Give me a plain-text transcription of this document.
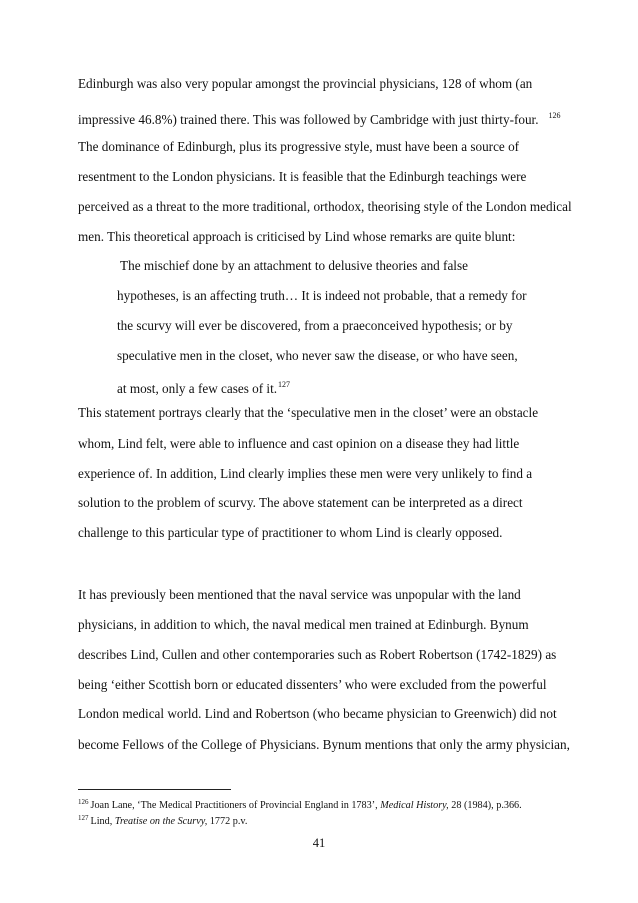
Edinburgh was also very popular amongst the provincial physicians, 128 of whom (an
impressive 46.8%) trained there. This was followed by Cambridge with just thirty-four. $^{126}$
The dominance of Edinburgh, plus its progressive style, must have been a source of
resentment to the London physicians. It is feasible that the Edinburgh teachings were
perceived as a threat to the more traditional, orthodox, theorising style of the London medical
men. This theoretical approach is criticised by Lind whose remarks are quite blunt:
The mischief done by an attachment to delusive theories and false
hypotheses, is an affecting truth… It is indeed not probable, that a remedy for
the scurvy will ever be discovered, from a praeconceived hypothesis; or by
speculative men in the closet, who never saw the disease, or who have seen,
at most, only a few cases of it.$^{127}$
This statement portrays clearly that the ‘speculative men in the closet’ were an obstacle
whom, Lind felt, were able to influence and cast opinion on a disease they had little
experience of. In addition, Lind clearly implies these men were very unlikely to find a
solution to the problem of scurvy. The above statement can be interpreted as a direct
challenge to this particular type of practitioner to whom Lind is clearly opposed.
It has previously been mentioned that the naval service was unpopular with the land
physicians, in addition to which, the naval medical men trained at Edinburgh. Bynum
describes Lind, Cullen and other contemporaries such as Robert Robertson (1742-1829) as
being ‘either Scottish born or educated dissenters’ who were excluded from the powerful
London medical world. Lind and Robertson (who became physician to Greenwich) did not
become Fellows of the College of Physicians. Bynum mentions that only the army physician,
$^{126}$ Joan Lane, ‘The Medical Practitioners of Provincial England in 1783’, Medical History, 28 (1984), p.366.
$^{127}$ Lind, Treatise on the Scurvy, 1772 p.v.
41
